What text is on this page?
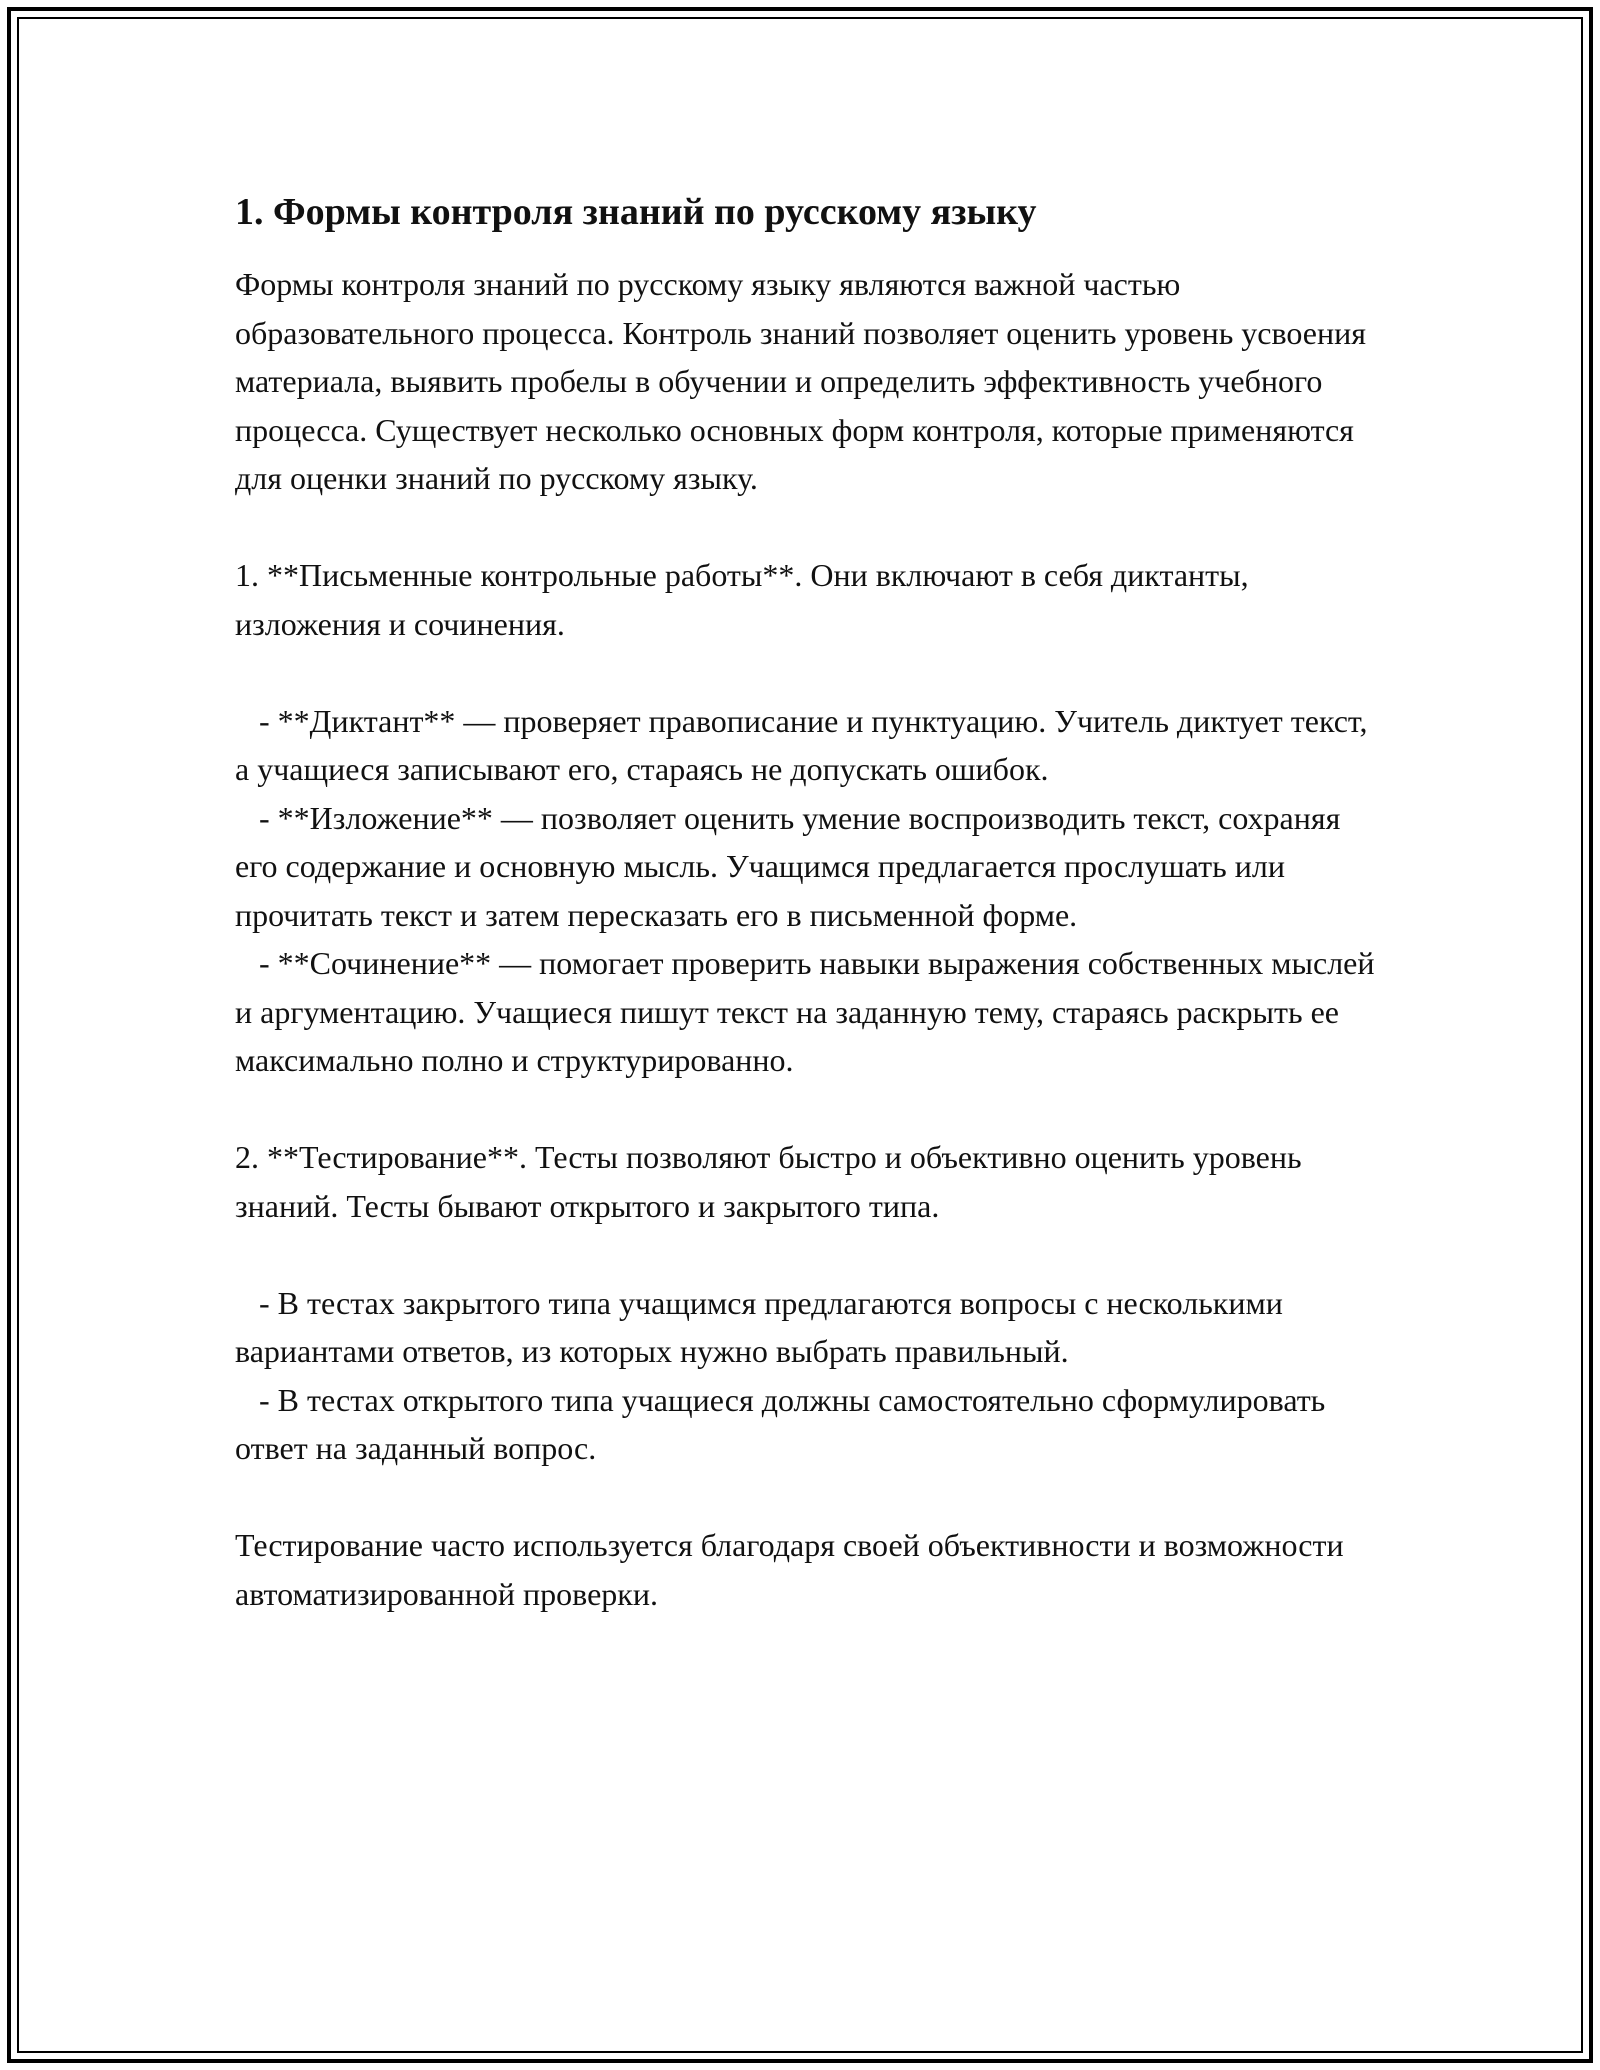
1. Формы контроля знаний по русскому языку

Формы контроля знаний по русскому языку являются важной частью образовательного процесса. Контроль знаний позволяет оценить уровень усвоения материала, выявить пробелы в обучении и определить эффективность учебного процесса. Существует несколько основных форм контроля, которые применяются для оценки знаний по русскому языку.

1. **Письменные контрольные работы**. Они включают в себя диктанты, изложения и сочинения.

- **Диктант** — проверяет правописание и пунктуацию. Учитель диктует текст, а учащиеся записывают его, стараясь не допускать ошибок.

- **Изложение** — позволяет оценить умение воспроизводить текст, сохраняя его содержание и основную мысль. Учащимся предлагается прослушать или прочитать текст и затем пересказать его в письменной форме.

- **Сочинение** — помогает проверить навыки выражения собственных мыслей и аргументацию. Учащиеся пишут текст на заданную тему, стараясь раскрыть ее максимально полно и структурированно.

2. **Тестирование**. Тесты позволяют быстро и объективно оценить уровень знаний. Тесты бывают открытого и закрытого типа.

- В тестах закрытого типа учащимся предлагаются вопросы с несколькими вариантами ответов, из которых нужно выбрать правильный.

- В тестах открытого типа учащиеся должны самостоятельно сформулировать ответ на заданный вопрос.

Тестирование часто используется благодаря своей объективности и возможности автоматизированной проверки.
